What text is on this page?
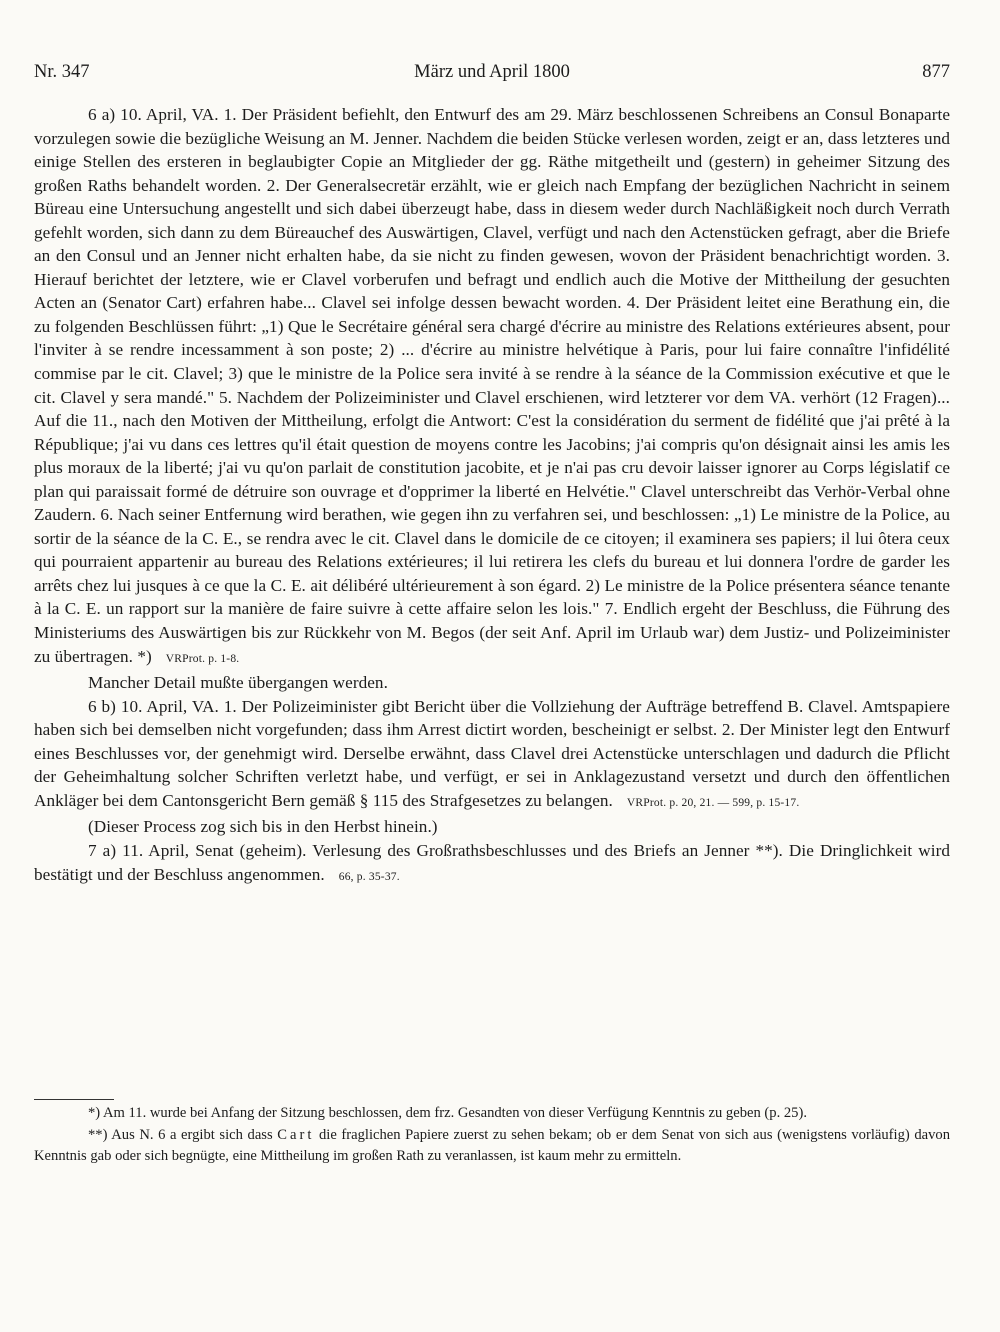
Nr. 347	März und April 1800	877

6 a) 10. April, VA. 1. Der Präsident befiehlt, den Entwurf des am 29. März beschlossenen Schreibens an Consul Bonaparte vorzulegen sowie die bezügliche Weisung an M. Jenner. Nachdem die beiden Stücke verlesen worden, zeigt er an, dass letzteres und einige Stellen des ersteren in beglaubigter Copie an Mitglieder der gg. Räthe mitgetheilt und (gestern) in geheimer Sitzung des großen Raths behandelt worden. 2. Der Generalsecretär erzählt, wie er gleich nach Empfang der bezüglichen Nachricht in seinem Büreau eine Untersuchung angestellt und sich dabei überzeugt habe, dass in diesem weder durch Nachläßigkeit noch durch Verrath gefehlt worden, sich dann zu dem Büreauchef des Auswärtigen, Clavel, verfügt und nach den Actenstücken gefragt, aber die Briefe an den Consul und an Jenner nicht erhalten habe, da sie nicht zu finden gewesen, wovon der Präsident benachrichtigt worden. 3. Hierauf berichtet der letztere, wie er Clavel vorberufen und befragt und endlich auch die Motive der Mittheilung der gesuchten Acten an (Senator Cart) erfahren habe... Clavel sei infolge dessen bewacht worden. 4. Der Präsident leitet eine Berathung ein, die zu folgenden Beschlüssen führt: „1) Que le Secrétaire général sera chargé d'écrire au ministre des Relations extérieures absent, pour l'inviter à se rendre incessamment à son poste; 2) ... d'écrire au ministre helvétique à Paris, pour lui faire connaître l'infidélité commise par le cit. Clavel; 3) que le ministre de la Police sera invité à se rendre à la séance de la Commission exécutive et que le cit. Clavel y sera mandé." 5. Nachdem der Polizeiminister und Clavel erschienen, wird letzterer vor dem VA. verhört (12 Fragen)... Auf die 11., nach den Motiven der Mittheilung, erfolgt die Antwort: C'est la considération du serment de fidélité que j'ai prêté à la République; j'ai vu dans ces lettres qu'il était question de moyens contre les Jacobins; j'ai compris qu'on désignait ainsi les amis les plus moraux de la liberté; j'ai vu qu'on parlait de constitution jacobite, et je n'ai pas cru devoir laisser ignorer au Corps législatif ce plan qui paraissait formé de détruire son ouvrage et d'opprimer la liberté en Helvétie." Clavel unterschreibt das Verhör-Verbal ohne Zaudern. 6. Nach seiner Entfernung wird berathen, wie gegen ihn zu verfahren sei, und beschlossen: „1) Le ministre de la Police, au sortir de la séance de la C. E., se rendra avec le cit. Clavel dans le domicile de ce citoyen; il examinera ses papiers; il lui ôtera ceux qui pourraient appartenir au bureau des Relations extérieures; il lui retirera les clefs du bureau et lui donnera l'ordre de garder les arrêts chez lui jusques à ce que la C. E. ait délibéré ultérieurement à son égard. 2) Le ministre de la Police présentera séance tenante à la C. E. un rapport sur la manière de faire suivre à cette affaire selon les lois." 7. Endlich ergeht der Beschluss, die Führung des Ministeriums des Auswärtigen bis zur Rückkehr von M. Begos (der seit Anf. April im Urlaub war) dem Justiz- und Polizeiminister zu übertragen. *) VRProt. p. 1-8.

Mancher Detail mußte übergangen werden.

6 b) 10. April, VA. 1. Der Polizeiminister gibt Bericht über die Vollziehung der Aufträge betreffend B. Clavel. Amtspapiere haben sich bei demselben nicht vorgefunden; dass ihm Arrest dictirt worden, bescheinigt er selbst. 2. Der Minister legt den Entwurf eines Beschlusses vor, der genehmigt wird. Derselbe erwähnt, dass Clavel drei Actenstücke unterschlagen und dadurch die Pflicht der Geheimhaltung solcher Schriften verletzt habe, und verfügt, er sei in Anklagezustand versetzt und durch den öffentlichen Ankläger bei dem Cantonsgericht Bern gemäß § 115 des Strafgesetzes zu belangen. VRProt. p. 20, 21. — 599, p. 15-17.

(Dieser Process zog sich bis in den Herbst hinein.)

7 a) 11. April, Senat (geheim). Verlesung des Großrathsbeschlusses und des Briefs an Jenner **). Die Dringlichkeit wird bestätigt und der Beschluss angenommen. 66, p. 35-37.

*) Am 11. wurde bei Anfang der Sitzung beschlossen, dem frz. Gesandten von dieser Verfügung Kenntnis zu geben (p. 25).

**) Aus N. 6 a ergibt sich dass Cart die fraglichen Papiere zuerst zu sehen bekam; ob er dem Senat von sich aus (wenigstens vorläufig) davon Kenntnis gab oder sich begnügte, eine Mittheilung im großen Rath zu veranlassen, ist kaum mehr zu ermitteln.
